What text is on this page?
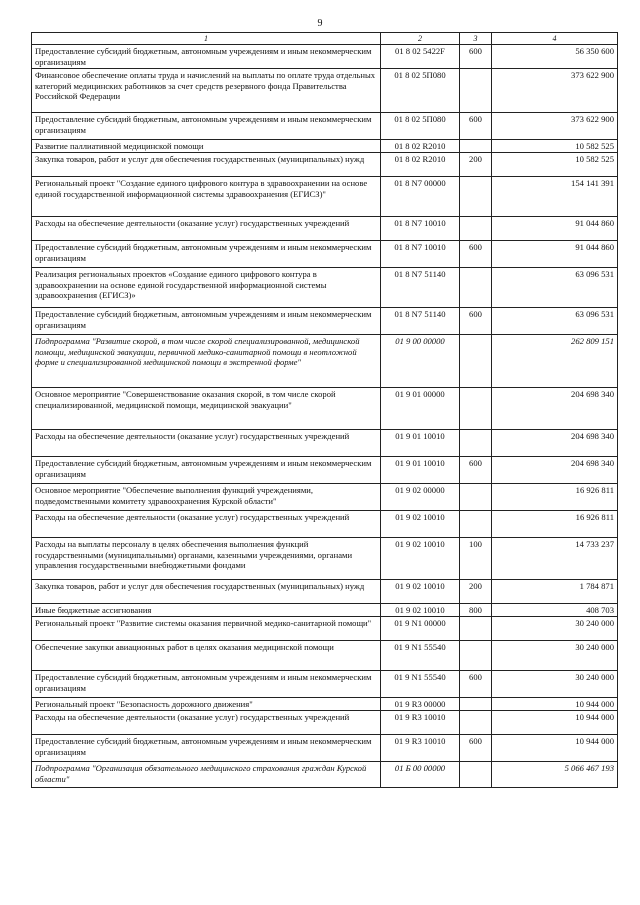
9
1	2	3	4
Предоставление субсидий бюджетным, автономным учреждениям и иным некоммерческим организациям	01 8 02 5422F	600	56 350 600
Финансовое обеспечение оплаты труда и начислений на выплаты по оплате труда отдельных категорий медицинских работников за счет средств резервного фонда Правительства Российской Федерации	01 8 02 5П080		373 622 900
Предоставление субсидий бюджетным, автономным учреждениям и иным некоммерческим организациям	01 8 02 5П080	600	373 622 900
Развитие паллиативной медицинской помощи	01 8 02 R2010		10 582 525
Закупка товаров, работ и услуг для обеспечения государственных (муниципальных) нужд	01 8 02 R2010	200	10 582 525
Региональный проект "Создание единого цифрового контура в здравоохранении на основе единой государственной информационной системы здравоохранения (ЕГИСЗ)"	01 8 N7 00000		154 141 391
Расходы на обеспечение деятельности (оказание услуг) государственных учреждений	01 8 N7 10010		91 044 860
Предоставление субсидий бюджетным, автономным учреждениям и иным некоммерческим организациям	01 8 N7 10010	600	91 044 860
Реализация региональных проектов «Создание единого цифрового контура в здравоохранении на основе единой государственной информационной системы здравоохранения (ЕГИСЗ)»	01 8 N7 51140		63 096 531
Предоставление субсидий бюджетным, автономным учреждениям и иным некоммерческим организациям	01 8 N7 51140	600	63 096 531
Подпрограмма "Развитие скорой, в том числе скорой специализированной, медицинской помощи, медицинской эвакуации, первичной медико-санитарной помощи в неотложной форме и специализированной медицинской помощи в экстренной форме"	01 9 00 00000		262 809 151
Основное мероприятие "Совершенствование оказания скорой, в том числе скорой специализированной, медицинской помощи, медицинской эвакуации"	01 9 01 00000		204 698 340
Расходы на обеспечение деятельности (оказание услуг) государственных учреждений	01 9 01 10010		204 698 340
Предоставление субсидий бюджетным, автономным учреждениям и иным некоммерческим организациям	01 9 01 10010	600	204 698 340
Основное мероприятие "Обеспечение выполнения функций учреждениями, подведомственными комитету здравоохранения Курской области"	01 9 02 00000		16 926 811
Расходы на обеспечение деятельности (оказание услуг) государственных учреждений	01 9 02 10010		16 926 811
Расходы на выплаты персоналу в целях обеспечения выполнения функций государственными (муниципальными) органами, казенными учреждениями, органами управления государственными внебюджетными фондами	01 9 02 10010	100	14 733 237
Закупка товаров, работ и услуг для обеспечения государственных (муниципальных) нужд	01 9 02 10010	200	1 784 871
Иные бюджетные ассигнования	01 9 02 10010	800	408 703
Региональный проект "Развитие системы оказания первичной медико-санитарной помощи"	01 9 N1 00000		30 240 000
Обеспечение закупки авиационных работ в целях оказания медицинской помощи	01 9 N1 55540		30 240 000
Предоставление субсидий бюджетным, автономным учреждениям и иным некоммерческим организациям	01 9 N1 55540	600	30 240 000
Региональный проект "Безопасность дорожного движения"	01 9 R3 00000		10 944 000
Расходы на обеспечение деятельности (оказание услуг) государственных учреждений	01 9 R3 10010		10 944 000
Предоставление субсидий бюджетным, автономным учреждениям и иным некоммерческим организациям	01 9 R3 10010	600	10 944 000
Подпрограмма "Организация обязательного медицинского страхования граждан Курской области"	01 Б 00 00000		5 066 467 193
